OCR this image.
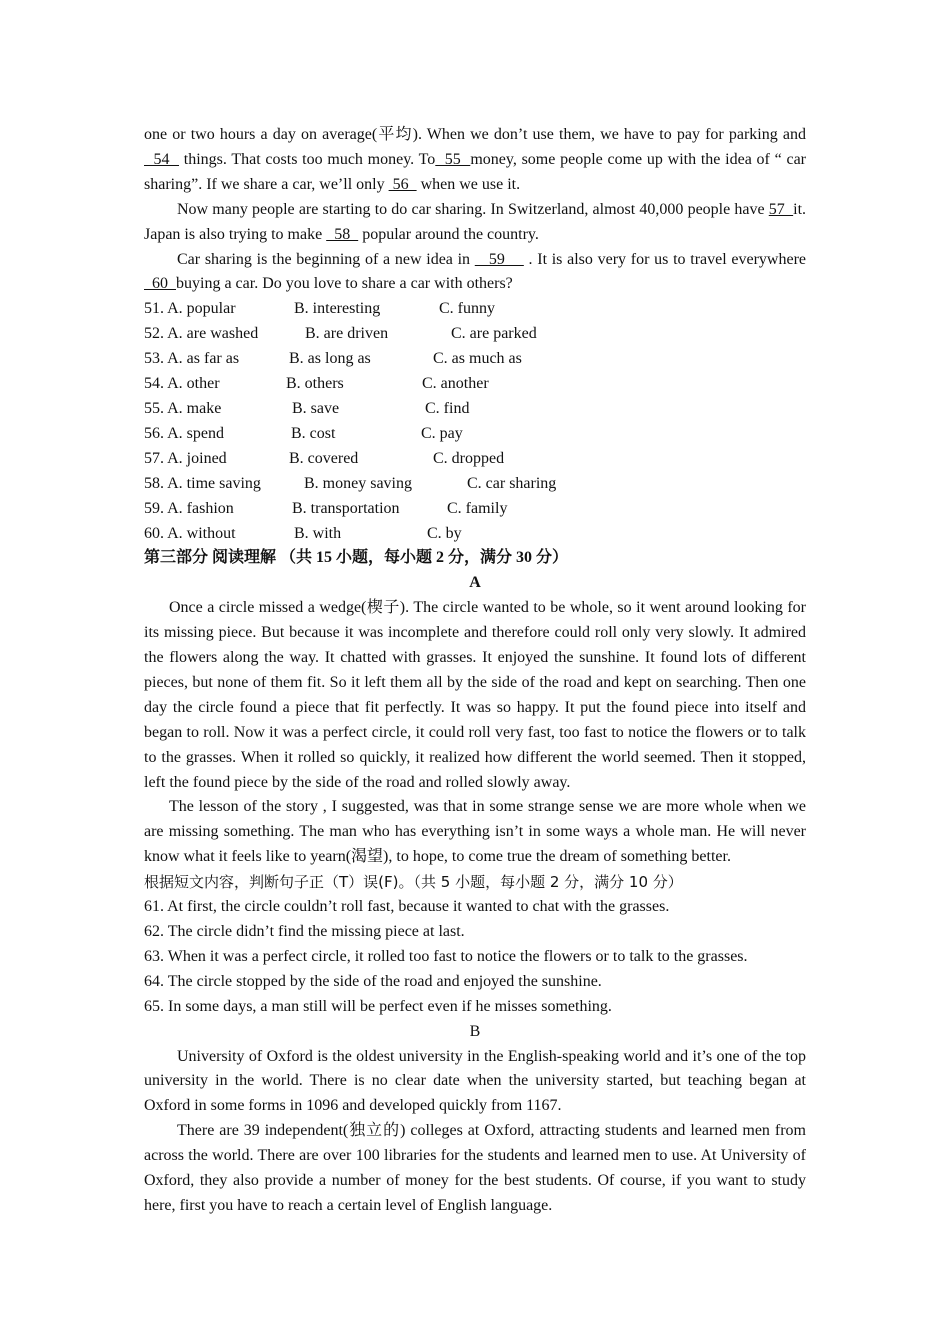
one or two hours a day on average(平均). When we don’t use them, we have to pay for parking and   54   things. That costs too much money. To  55  money, some people come up with the idea of “ car sharing”. If we share a car, we’ll only  56   when we use it.

Now many people are starting to do car sharing. In Switzerland, almost 40,000 people have 57  it. Japan is also trying to make   58   popular around the country.

Car sharing is the beginning of a new idea in    59     . It is also very for us to travel everywhere   60  buying a car. Do you love to share a car with others?

51. A. popular	B. interesting	C. funny
52. A. are washed	B. are driven	C. are parked
53. A. as far as	B. as long as	C. as much as
54. A. other	B. others	C. another
55. A. make	B. save	C. find
56. A. spend	B. cost	C. pay
57. A. joined	B. covered	C. dropped
58. A. time saving	B. money saving	C. car sharing
59. A. fashion	B. transportation	C. family
60. A. without	B. with	C. by

第三部分 阅读理解 （共 15 小题，每小题 2 分，满分 30 分）

A

Once a circle missed a wedge(楔子). The circle wanted to be whole, so it went around looking for its missing piece. But because it was incomplete and therefore could roll only very slowly. It admired the flowers along the way. It chatted with grasses. It enjoyed the sunshine. It found lots of different pieces, but none of them fit. So it left them all by the side of the road and kept on searching. Then one day the circle found a piece that fit perfectly. It was so happy. It put the found piece into itself and began to roll. Now it was a perfect circle, it could roll very fast, too fast to notice the flowers or to talk to the grasses. When it rolled so quickly, it realized how different the world seemed. Then it stopped, left the found piece by the side of the road and rolled slowly away.

The lesson of the story , I suggested, was that in some strange sense we are more whole when we are missing something. The man who has everything isn’t in some ways a whole man. He will never know what it feels like to yearn(渴望), to hope, to come true the dream of something better.

根据短文内容，判断句子正（T）误(F)。（共 5 小题，每小题 2 分，满分 10 分）

61. At first, the circle couldn’t roll fast, because it wanted to chat with the grasses.

62. The circle didn’t find the missing piece at last.

63. When it was a perfect circle, it rolled too fast to notice the flowers or to talk to the grasses.

64. The circle stopped by the side of the road and enjoyed the sunshine.

65. In some days, a man still will be perfect even if he misses something.

B

University of Oxford is the oldest university in the English-speaking world and it’s one of the top university in the world. There is no clear date when the university started, but teaching began at Oxford in some forms in 1096 and developed quickly from 1167.

There are 39 independent(独立的) colleges at Oxford, attracting students and learned men from across the world. There are over 100 libraries for the students and learned men to use. At University of Oxford, they also provide a number of money for the best students. Of course, if you want to study here, first you have to reach a certain level of English language.
